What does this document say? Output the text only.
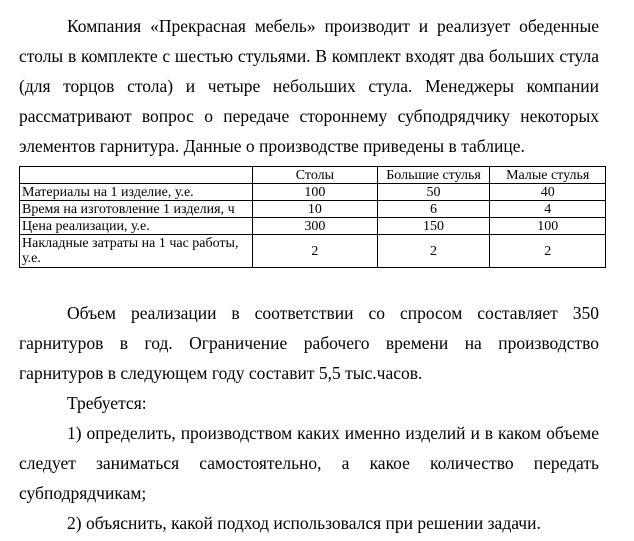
Компания «Прекрасная мебель» производит и реализует обеденные
столы в комплекте с шестью стульями. В комплект входят два больших стула
(для торцов стола) и четыре небольших стула. Менеджеры компании
рассматривают вопрос о передаче стороннему субподрядчику некоторых
элементов гарнитура. Данные о производстве приведены в таблице.

	Столы	Большие стулья	Малые стулья
Материалы на 1 изделие, у.е.	100	50	40
Время на изготовление 1 изделия, ч	10	6	4
Цена реализации, у.е.	300	150	100
Накладные затраты на 1 час работы, у.е.	2	2	2

Объем реализации в соответствии со спросом составляет 350
гарнитуров в год. Ограничение рабочего времени на производство
гарнитуров в следующем году составит 5,5 тыс.часов.

Требуется:

1) определить, производством каких именно изделий и в каком объеме
следует заниматься самостоятельно, а какое количество передать
субподрядчикам;

2) объяснить, какой подход использовался при решении задачи.
